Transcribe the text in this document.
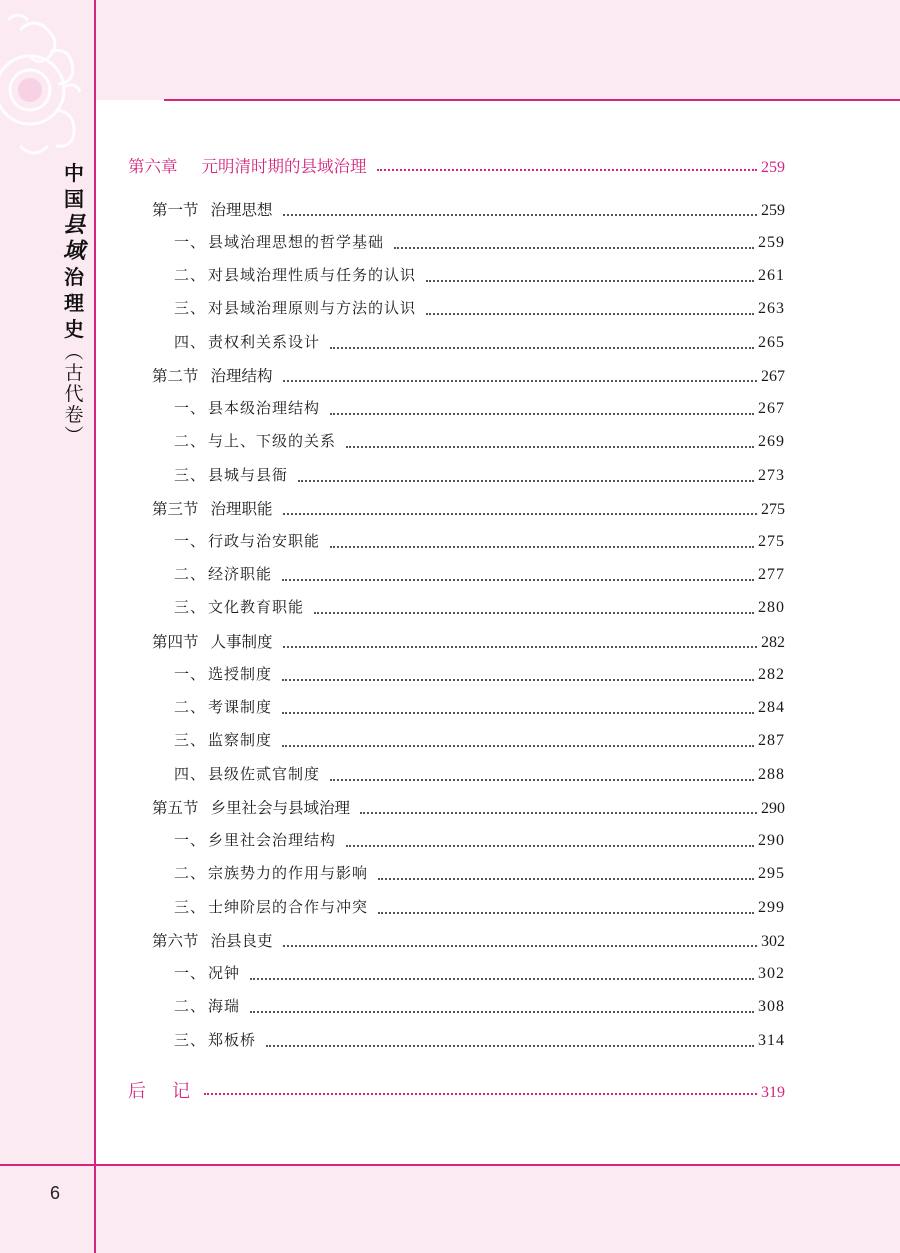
中
国
县
域
治
理
史
︵
古
代
卷
︶
6
第六章 元明清时期的县域治理	259
第一节 治理思想	259
一、 县域治理思想的哲学基础	259
二、 对县域治理性质与任务的认识	261
三、 对县域治理原则与方法的认识	263
四、 责权利关系设计	265
第二节 治理结构	267
一、 县本级治理结构	267
二、 与上、下级的关系	269
三、 县城与县衙	273
第三节 治理职能	275
一、 行政与治安职能	275
二、 经济职能	277
三、 文化教育职能	280
第四节 人事制度	282
一、 选授制度	282
二、 考课制度	284
三、 监察制度	287
四、 县级佐贰官制度	288
第五节 乡里社会与县域治理	290
一、 乡里社会治理结构	290
二、 宗族势力的作用与影响	295
三、 士绅阶层的合作与冲突	299
第六节 治县良吏	302
一、 况钟	302
二、 海瑞	308
三、 郑板桥	314
后　记	319
